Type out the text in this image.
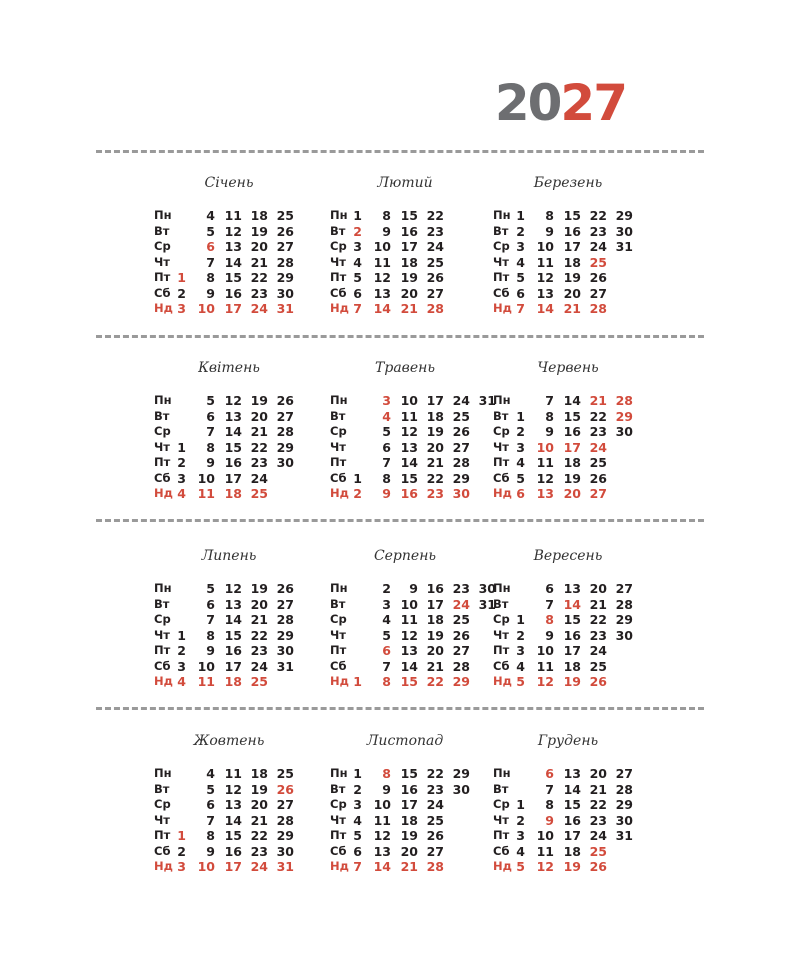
2027
Січень
Пн	4 11 18 25
Вт	5 12 19 26
Ср	6 13 20 27
Чт	7 14 21 28
Пт 1	8 15 22 29
Сб 2	9 16 23 30
Нд 3 10 17 24 31
Лютий
Пн 1	8 15 22
Вт 2	9 16 23
Ср 3 10 17 24
Чт 4 11 18 25
Пт 5 12 19 26
Сб 6 13 20 27
Нд 7 14 21 28
Березень
Пн 1	8 15 22 29
Вт 2	9 16 23 30
Ср 3 10 17 24 31
Чт 4 11 18 25
Пт 5 12 19 26
Сб 6 13 20 27
Нд 7 14 21 28
Квітень
Пн	5 12 19 26
Вт	6 13 20 27
Ср	7 14 21 28
Чт 1	8 15 22 29
Пт 2	9 16 23 30
Сб 3 10 17 24
Нд 4 11 18 25
Травень
Пн	3 10 17 24 31
Вт	4 11 18 25
Ср	5 12 19 26
Чт	6 13 20 27
Пт	7 14 21 28
Сб 1	8 15 22 29
Нд 2	9 16 23 30
Червень
Пн	7 14 21 28
Вт 1	8 15 22 29
Ср 2	9 16 23 30
Чт 3 10 17 24
Пт 4 11 18 25
Сб 5 12 19 26
Нд 6 13 20 27
Липень
Пн	5 12 19 26
Вт	6 13 20 27
Ср	7 14 21 28
Чт 1	8 15 22 29
Пт 2	9 16 23 30
Сб 3 10 17 24 31
Нд 4 11 18 25
Серпень
Пн	2	9 16 23 30
Вт	3 10 17 24 31
Ср	4 11 18 25
Чт	5 12 19 26
Пт	6 13 20 27
Сб	7 14 21 28
Нд 1	8 15 22 29
Вересень
Пн	6 13 20 27
Вт	7 14 21 28
Ср 1	8 15 22 29
Чт 2	9 16 23 30
Пт 3 10 17 24
Сб 4 11 18 25
Нд 5 12 19 26
Жовтень
Пн	4 11 18 25
Вт	5 12 19 26
Ср	6 13 20 27
Чт	7 14 21 28
Пт 1	8 15 22 29
Сб 2	9 16 23 30
Нд 3 10 17 24 31
Листопад
Пн 1	8 15 22 29
Вт 2	9 16 23 30
Ср 3 10 17 24
Чт 4 11 18 25
Пт 5 12 19 26
Сб 6 13 20 27
Нд 7 14 21 28
Грудень
Пн	6 13 20 27
Вт	7 14 21 28
Ср 1	8 15 22 29
Чт 2	9 16 23 30
Пт 3 10 17 24 31
Сб 4 11 18 25
Нд 5 12 19 26
